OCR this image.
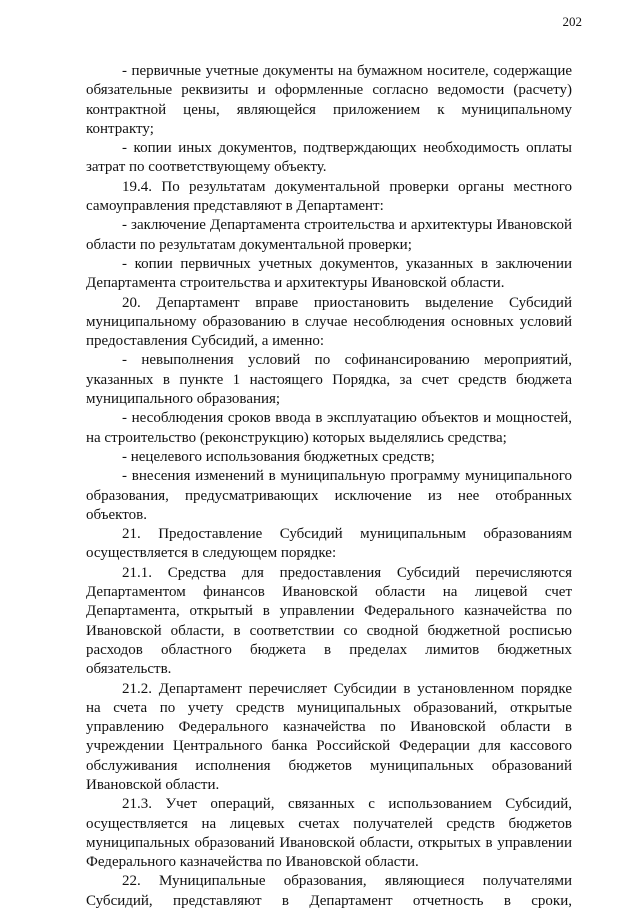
202

- первичные учетные документы на бумажном носителе, содержащие обязательные реквизиты и оформленные согласно ведомости (расчету) контрактной цены, являющейся приложением к муниципальному контракту;

- копии иных документов, подтверждающих необходимость оплаты затрат по соответствующему объекту.

19.4. По результатам документальной проверки органы местного самоуправления представляют в Департамент:

- заключение Департамента строительства и архитектуры Ивановской области по результатам документальной проверки;

- копии первичных учетных документов, указанных в заключении Департамента строительства и архитектуры Ивановской области.

20. Департамент вправе приостановить выделение Субсидий муниципальному образованию в случае несоблюдения основных условий предоставления Субсидий, а именно:

- невыполнения условий по софинансированию мероприятий, указанных в пункте 1 настоящего Порядка, за счет средств бюджета муниципального образования;

- несоблюдения сроков ввода в эксплуатацию объектов и мощностей, на строительство (реконструкцию) которых выделялись средства;

- нецелевого использования бюджетных средств;

- внесения изменений в муниципальную программу муниципального образования, предусматривающих исключение из нее отобранных объектов.

21. Предоставление Субсидий муниципальным образованиям осуществляется в следующем порядке:

21.1. Средства для предоставления Субсидий перечисляются Департаментом финансов Ивановской области на лицевой счет Департамента, открытый в управлении Федерального казначейства по Ивановской области, в соответствии со сводной бюджетной росписью расходов областного бюджета в пределах лимитов бюджетных обязательств.

21.2. Департамент перечисляет Субсидии в установленном порядке на счета по учету средств муниципальных образований, открытые управлению Федерального казначейства по Ивановской области в учреждении Центрального банка Российской Федерации для кассового обслуживания исполнения бюджетов муниципальных образований Ивановской области.

21.3. Учет операций, связанных с использованием Субсидий, осуществляется на лицевых счетах получателей средств бюджетов муниципальных образований Ивановской области, открытых в управлении Федерального казначейства по Ивановской области.

22. Муниципальные образования, являющиеся получателями Субсидий, представляют в Департамент отчетность в сроки,
